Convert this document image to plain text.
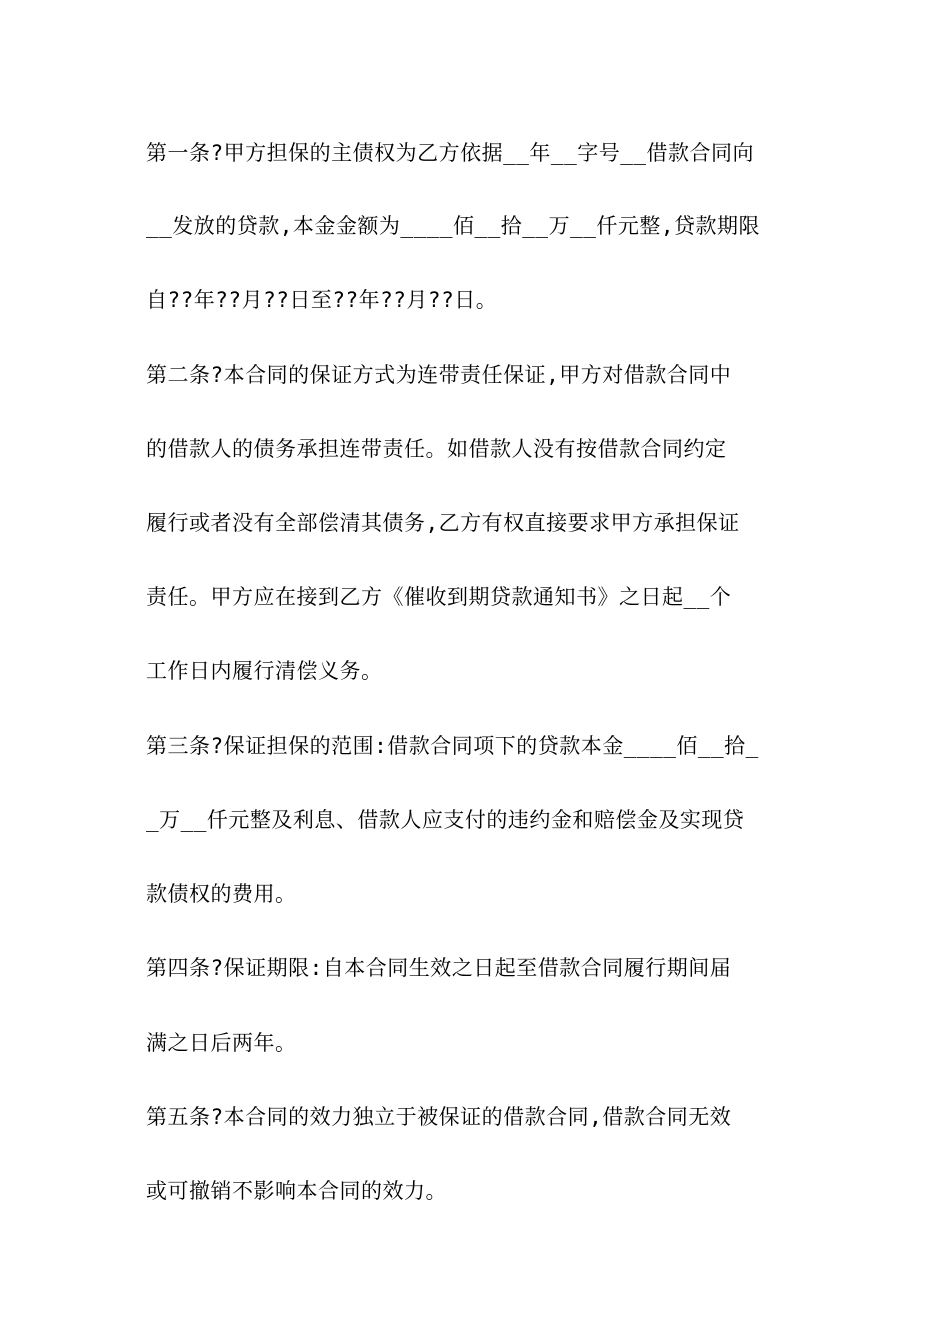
第一条?甲方担保的主债权为乙方依据__年__字号__借款合同向
__发放的贷款,本金金额为____佰__拾__万__仟元整,贷款期限
自??年??月??日至??年??月??日。
第二条?本合同的保证方式为连带责任保证,甲方对借款合同中
的借款人的债务承担连带责任。如借款人没有按借款合同约定
履行或者没有全部偿清其债务,乙方有权直接要求甲方承担保证
责任。甲方应在接到乙方《催收到期贷款通知书》之日起__个
工作日内履行清偿义务。
第三条?保证担保的范围:借款合同项下的贷款本金____佰__拾_
_万__仟元整及利息、借款人应支付的违约金和赔偿金及实现贷
款债权的费用。
第四条?保证期限:自本合同生效之日起至借款合同履行期间届
满之日后两年。
第五条?本合同的效力独立于被保证的借款合同,借款合同无效
或可撤销不影响本合同的效力。
